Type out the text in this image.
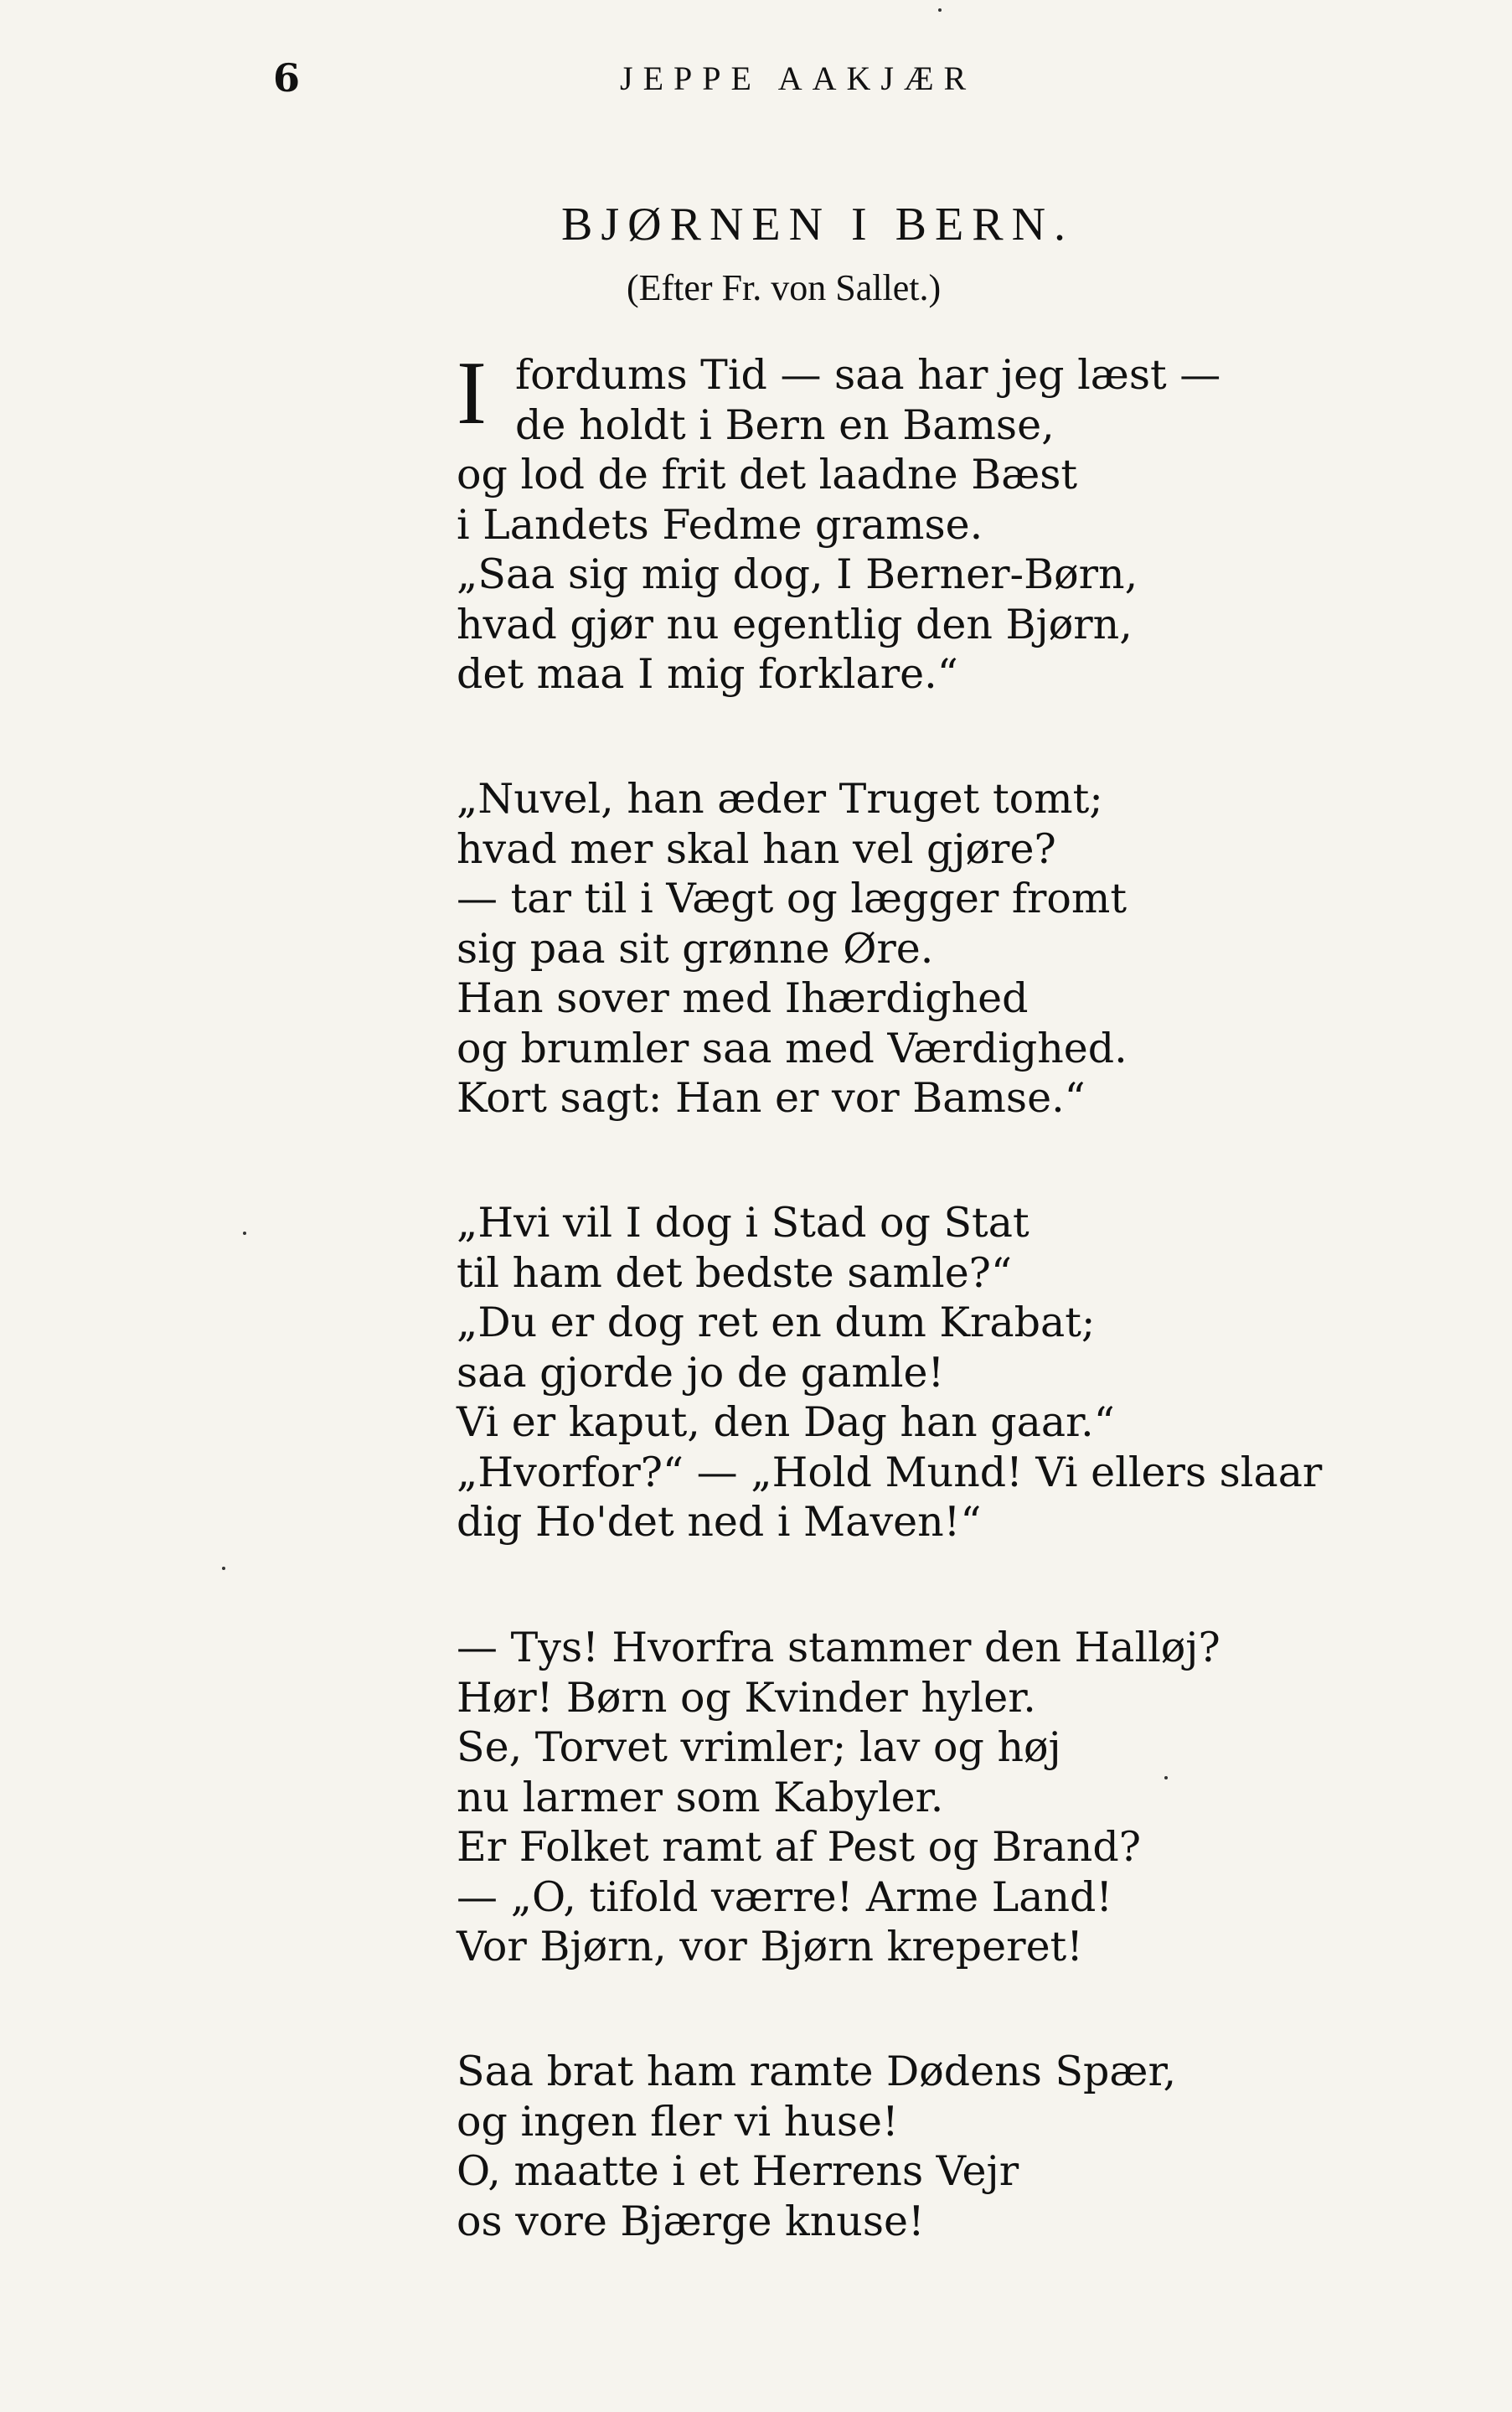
6	JEPPE AAKJÆR
BJØRNEN I BERN.
(Efter Fr. von Sallet.)
I fordums Tid — saa har jeg læst —
de holdt i Bern en Bamse,
og lod de frit det laadne Bæst
i Landets Fedme gramse.
„Saa sig mig dog, I Berner-Børn,
hvad gjør nu egentlig den Bjørn,
det maa I mig forklare.“
„Nuvel, han æder Truget tomt;
hvad mer skal han vel gjøre?
— tar til i Vægt og lægger fromt
sig paa sit grønne Øre.
Han sover med Ihærdighed
og brumler saa med Værdighed.
Kort sagt: Han er vor Bamse.“
„Hvi vil I dog i Stad og Stat
til ham det bedste samle?“
„Du er dog ret en dum Krabat;
saa gjorde jo de gamle!
Vi er kaput, den Dag han gaar.“
„Hvorfor?“ — „Hold Mund! Vi ellers slaar
dig Ho'det ned i Maven!“
— Tys! Hvorfra stammer den Halløj?
Hør! Børn og Kvinder hyler.
Se, Torvet vrimler; lav og høj
nu larmer som Kabyler.
Er Folket ramt af Pest og Brand?
— „O, tifold værre! Arme Land!
Vor Bjørn, vor Bjørn kreperet!
Saa brat ham ramte Dødens Spær,
og ingen fler vi huse!
O, maatte i et Herrens Vejr
os vore Bjærge knuse!
